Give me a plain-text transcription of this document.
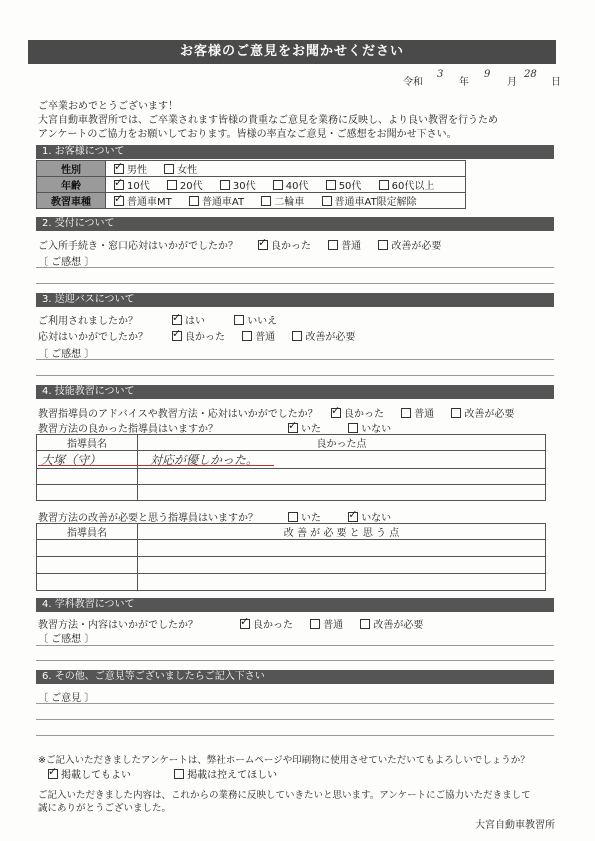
お客様のご意見をお聞かせください
令和
3
年
9
月
28
日
ご卒業おめでとうございます！
大宮自動車教習所では、ご卒業されます皆様の貴重なご意見を業務に反映し、より良い教習を行うため
アンケートのご協力をお願いしております。皆様の率直なご意見・ご感想をお聞かせ下さい。
1. お客様について
性別	✓男性 女性
年齢	✓10代 20代 30代 40代 50代 60代以上
教習車種	✓普通車MT 普通車AT 二輪車 普通車AT限定解除
2. 受付について
ご入所手続き・窓口応対はいかがでしたか？ ✓	良かった	普通	改善が必要
〔 ご感想 〕
3. 送迎バスについて
ご利用されましたか？ ✓	はい	いいえ
応対はいかがでしたか？ ✓	良かった	普通	改善が必要
〔 ご感想 〕
4. 技能教習について
教習指導員のアドバイスや教習方法・応対はいかがでしたか？ ✓	良かった	普通	改善が必要
教習方法の良かった指導員はいますか？ ✓	いた	いない
指導員名	良かった点
大塚（守）	対応が優しかった。

教習方法の改善が必要と思う指導員はいますか？	いた ✓	いない
指導員名	改 善 が 必 要 と 思 う 点

4. 学科教習について
教習方法・内容はいかがでしたか？ ✓	良かった	普通	改善が必要
〔 ご感想 〕
6. その他、ご意見等ございましたらご記入下さい
〔 ご意見 〕
※ご記入いただきましたアンケートは、弊社ホームページや印刷物に使用させていただいてもよろしいでしょうか？
✓掲載してもよい	掲載は控えてほしい
ご記入いただきました内容は、これからの業務に反映していきたいと思います。アンケートにご協力いただきまして
誠にありがとうございました。
大宮自動車教習所
